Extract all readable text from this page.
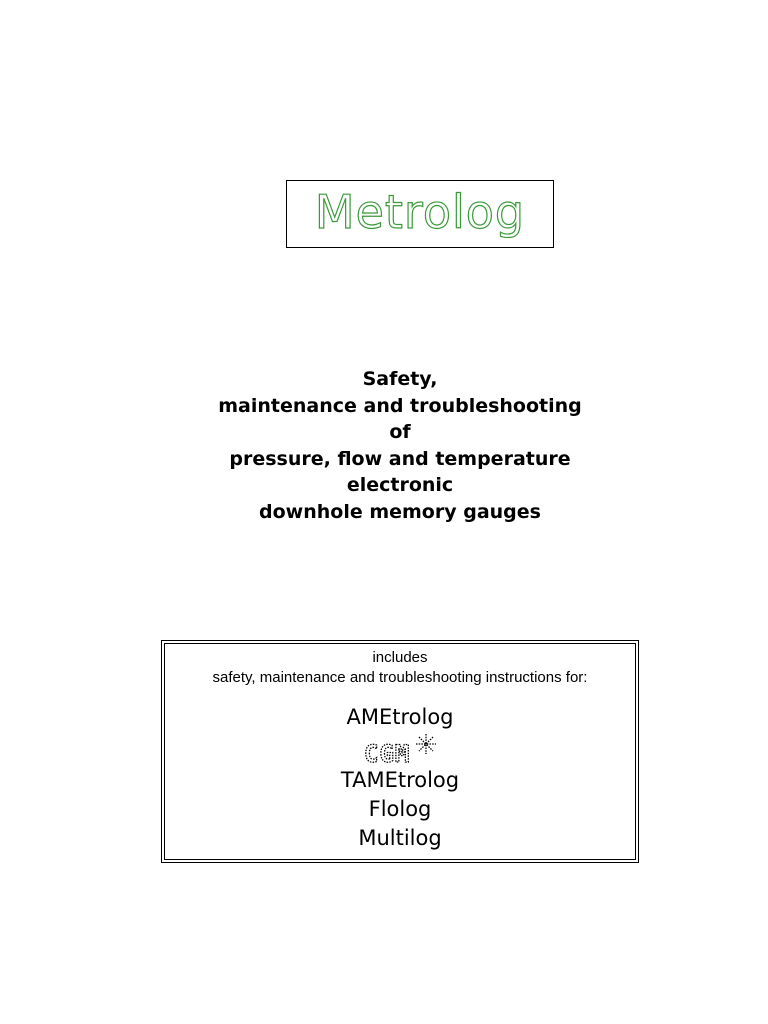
Metrolog
Safety,
maintenance and troubleshooting
of
pressure, flow and temperature
electronic
downhole memory gauges
includes
safety, maintenance and troubleshooting instructions for:
AMEtrolog
CGM
TAMEtrolog
Flolog
Multilog
